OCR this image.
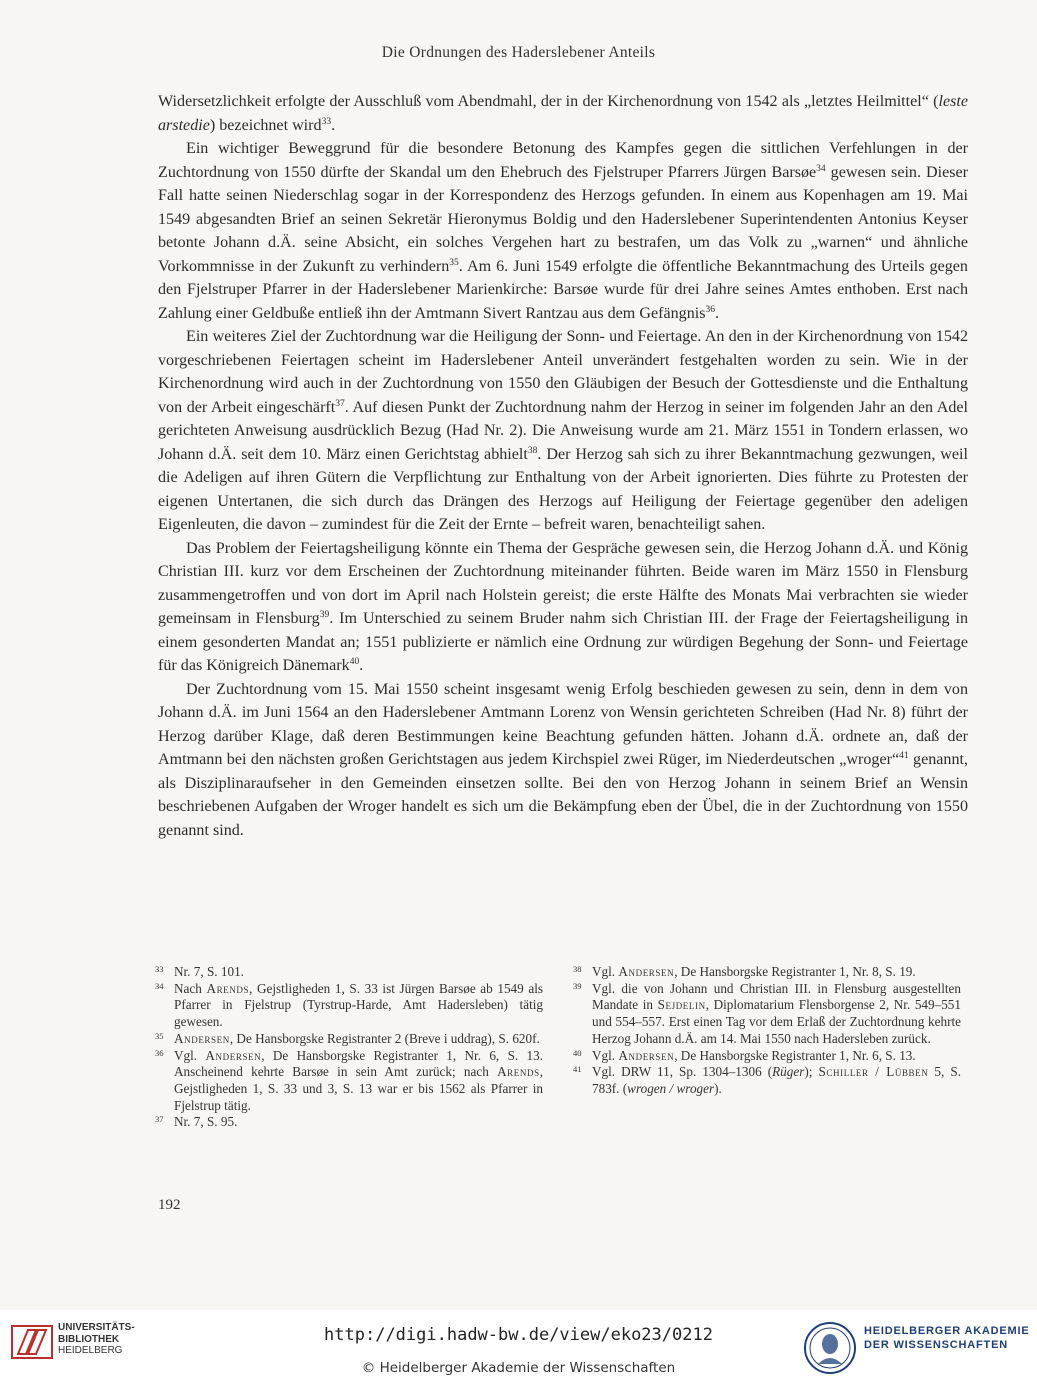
Die Ordnungen des Haderslebener Anteils

Widersetzlichkeit erfolgte der Ausschluß vom Abendmahl, der in der Kirchenordnung von 1542 als „letztes Heilmittel“ (leste arstedie) bezeichnet wird$^{33}$.

Ein wichtiger Beweggrund für die besondere Betonung des Kampfes gegen die sittlichen Verfehlungen in der Zuchtordnung von 1550 dürfte der Skandal um den Ehebruch des Fjelstruper Pfarrers Jürgen Barsøe$^{34}$ gewesen sein. Dieser Fall hatte seinen Niederschlag sogar in der Korrespondenz des Herzogs gefunden. In einem aus Kopenhagen am 19. Mai 1549 abgesandten Brief an seinen Sekretär Hieronymus Boldig und den Haderslebener Superintendenten Antonius Keyser betonte Johann d.Ä. seine Absicht, ein solches Vergehen hart zu bestrafen, um das Volk zu „warnen“ und ähnliche Vorkommnisse in der Zukunft zu verhindern$^{35}$. Am 6. Juni 1549 erfolgte die öffentliche Bekanntmachung des Urteils gegen den Fjelstruper Pfarrer in der Haderslebener Marienkirche: Barsøe wurde für drei Jahre seines Amtes enthoben. Erst nach Zahlung einer Geldbuße entließ ihn der Amtmann Sivert Rantzau aus dem Gefängnis$^{36}$.

Ein weiteres Ziel der Zuchtordnung war die Heiligung der Sonn- und Feiertage. An den in der Kirchenordnung von 1542 vorgeschriebenen Feiertagen scheint im Haderslebener Anteil unverändert festgehalten worden zu sein. Wie in der Kirchenordnung wird auch in der Zuchtordnung von 1550 den Gläubigen der Besuch der Gottesdienste und die Enthaltung von der Arbeit eingeschärft$^{37}$. Auf diesen Punkt der Zuchtordnung nahm der Herzog in seiner im folgenden Jahr an den Adel gerichteten Anweisung ausdrücklich Bezug (Had Nr. 2). Die Anweisung wurde am 21. März 1551 in Tondern erlassen, wo Johann d.Ä. seit dem 10. März einen Gerichtstag abhielt$^{38}$. Der Herzog sah sich zu ihrer Bekanntmachung gezwungen, weil die Adeligen auf ihren Gütern die Verpflichtung zur Enthaltung von der Arbeit ignorierten. Dies führte zu Protesten der eigenen Untertanen, die sich durch das Drängen des Herzogs auf Heiligung der Feiertage gegenüber den adeligen Eigenleuten, die davon – zumindest für die Zeit der Ernte – befreit waren, benachteiligt sahen.

Das Problem der Feiertagsheiligung könnte ein Thema der Gespräche gewesen sein, die Herzog Johann d.Ä. und König Christian III. kurz vor dem Erscheinen der Zuchtordnung miteinander führten. Beide waren im März 1550 in Flensburg zusammengetroffen und von dort im April nach Holstein gereist; die erste Hälfte des Monats Mai verbrachten sie wieder gemeinsam in Flensburg$^{39}$. Im Unterschied zu seinem Bruder nahm sich Christian III. der Frage der Feiertagsheiligung in einem gesonderten Mandat an; 1551 publizierte er nämlich eine Ordnung zur würdigen Begehung der Sonn- und Feiertage für das Königreich Dänemark$^{40}$.

Der Zuchtordnung vom 15. Mai 1550 scheint insgesamt wenig Erfolg beschieden gewesen zu sein, denn in dem von Johann d.Ä. im Juni 1564 an den Haderslebener Amtmann Lorenz von Wensin gerichteten Schreiben (Had Nr. 8) führt der Herzog darüber Klage, daß deren Bestimmungen keine Beachtung gefunden hätten. Johann d.Ä. ordnete an, daß der Amtmann bei den nächsten großen Gerichtstagen aus jedem Kirchspiel zwei Rüger, im Niederdeutschen „wroger“$^{41}$ genannt, als Disziplinaraufseher in den Gemeinden einsetzen sollte. Bei den von Herzog Johann in seinem Brief an Wensin beschriebenen Aufgaben der Wroger handelt es sich um die Bekämpfung eben der Übel, die in der Zuchtordnung von 1550 genannt sind.

33 Nr. 7, S. 101.
34 Nach Arends, Gejstligheden 1, S. 33 ist Jürgen Barsøe ab 1549 als Pfarrer in Fjelstrup (Tyrstrup-Harde, Amt Hadersleben) tätig gewesen.
35 Andersen, De Hansborgske Registranter 2 (Breve i uddrag), S. 620f.
36 Vgl. Andersen, De Hansborgske Registranter 1, Nr. 6, S. 13. Anscheinend kehrte Barsøe in sein Amt zurück; nach Arends, Gejstligheden 1, S. 33 und 3, S. 13 war er bis 1562 als Pfarrer in Fjelstrup tätig.
37 Nr. 7, S. 95.
38 Vgl. Andersen, De Hansborgske Registranter 1, Nr. 8, S. 19.
39 Vgl. die von Johann und Christian III. in Flensburg ausgestellten Mandate in Sejdelin, Diplomatarium Flensborgense 2, Nr. 549–551 und 554–557. Erst einen Tag vor dem Erlaß der Zuchtordnung kehrte Herzog Johann d.Ä. am 14. Mai 1550 nach Hadersleben zurück.
40 Vgl. Andersen, De Hansborgske Registranter 1, Nr. 6, S. 13.
41 Vgl. DRW 11, Sp. 1304–1306 (Rüger); Schiller / Lübben 5, S. 783f. (wrogen / wroger).
192
UNIVERSITÄTS-
BIBLIOTHEK
HEIDELBERG
http://digi.hadw-bw.de/view/eko23/0212
© Heidelberger Akademie der Wissenschaften
HEIDELBERGER AKADEMIE
DER WISSENSCHAFTEN
